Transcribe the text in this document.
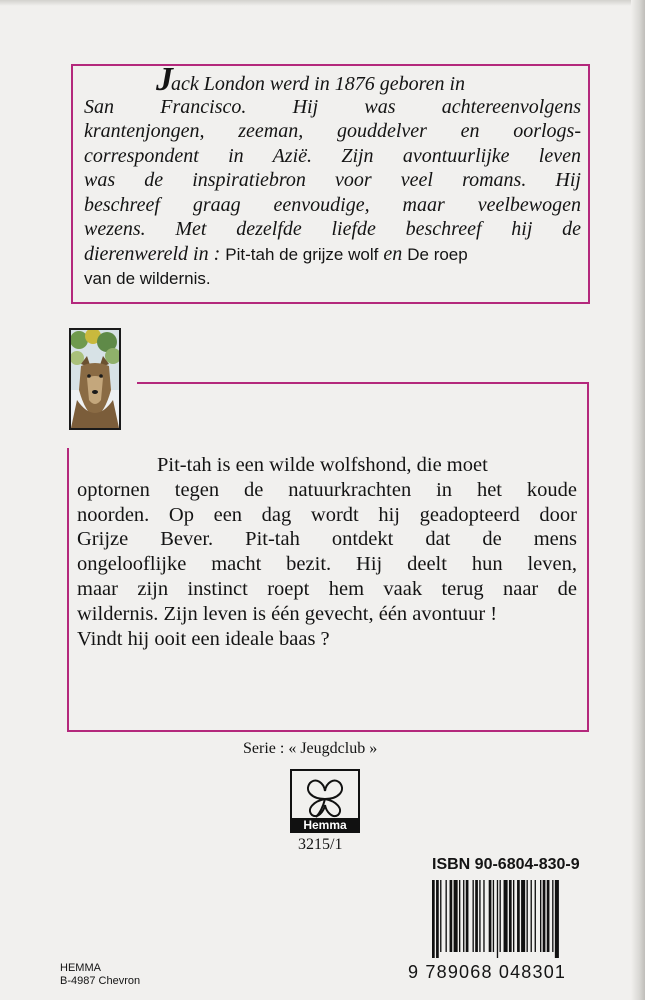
Jack London werd in 1876 geboren in
San Francisco. Hij was achtereenvolgens
krantenjongen, zeeman, gouddelver en oorlogs-
correspondent in Azië. Zijn avontuurlijke leven
was de inspiratiebron voor veel romans. Hij
beschreef graag eenvoudige, maar veelbewogen
wezens. Met dezelfde liefde beschreef hij de
dierenwereld in : Pit-tah de grijze wolf en De roep
van de wildernis.
Pit-tah is een wilde wolfshond, die moet
optornen tegen de natuurkrachten in het koude
noorden. Op een dag wordt hij geadopteerd door
Grijze Bever. Pit-tah ontdekt dat de mens
ongelooflijke macht bezit. Hij deelt hun leven,
maar zijn instinct roept hem vaak terug naar de
wildernis. Zijn leven is één gevecht, één avontuur !
Vindt hij ooit een ideale baas ?
Serie : « Jeugdclub »
Hemma
3215/1
ISBN 90-6804-830-9
9 789068 048301
HEMMA
B-4987 Chevron
